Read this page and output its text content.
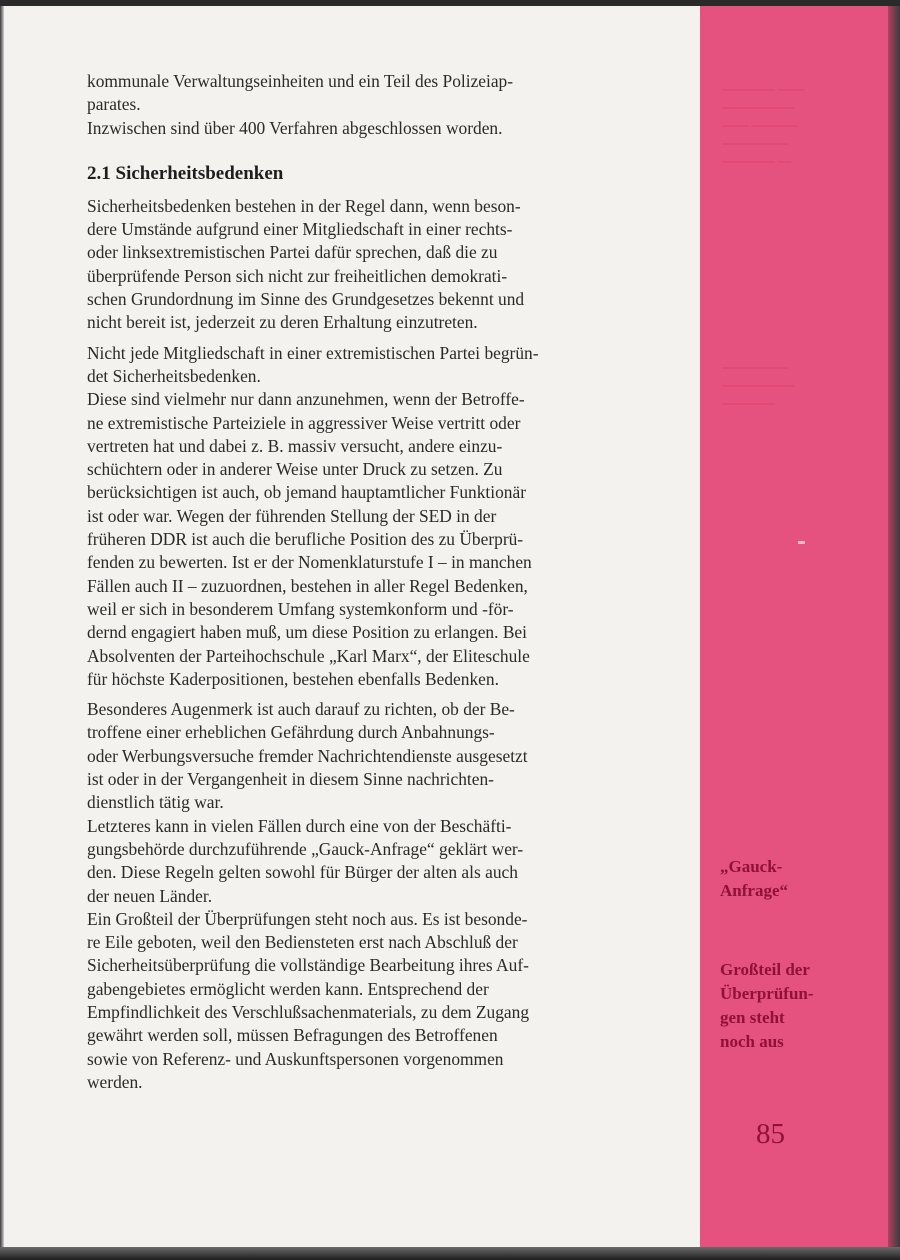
━━━━━━━━ ━━━━
━━━━━━━━━━━
━━━━ ━━━━━━━
━━━━━━━━━━
━━━━━━━━ ━━
━━━━━━━━━━
━━━━━━━━━━━
━━━━━━━━

kommunale Verwaltungseinheiten und ein Teil des Polizeiap-
parates.

Inzwischen sind über 400 Verfahren abgeschlossen worden.

2.1 Sicherheitsbedenken

Sicherheitsbedenken bestehen in der Regel dann, wenn beson-
dere Umstände aufgrund einer Mitgliedschaft in einer rechts-
oder linksextremistischen Partei dafür sprechen, daß die zu
überprüfende Person sich nicht zur freiheitlichen demokrati-
schen Grundordnung im Sinne des Grundgesetzes bekennt und
nicht bereit ist, jederzeit zu deren Erhaltung einzutreten.

Nicht jede Mitgliedschaft in einer extremistischen Partei begrün-
det Sicherheitsbedenken.

Diese sind vielmehr nur dann anzunehmen, wenn der Betroffe-
ne extremistische Parteiziele in aggressiver Weise vertritt oder
vertreten hat und dabei z. B. massiv versucht, andere einzu-
schüchtern oder in anderer Weise unter Druck zu setzen. Zu
berücksichtigen ist auch, ob jemand hauptamtlicher Funktionär
ist oder war. Wegen der führenden Stellung der SED in der
früheren DDR ist auch die berufliche Position des zu Überprü-
fenden zu bewerten. Ist er der Nomenklaturstufe I – in manchen
Fällen auch II – zuzuordnen, bestehen in aller Regel Bedenken,
weil er sich in besonderem Umfang systemkonform und -för-
dernd engagiert haben muß, um diese Position zu erlangen. Bei
Absolventen der Parteihochschule „Karl Marx“, der Eliteschule
für höchste Kaderpositionen, bestehen ebenfalls Bedenken.

Besonderes Augenmerk ist auch darauf zu richten, ob der Be-
troffene einer erheblichen Gefährdung durch Anbahnungs-
oder Werbungsversuche fremder Nachrichtendienste ausgesetzt
ist oder in der Vergangenheit in diesem Sinne nachrichten-
dienstlich tätig war.

Letzteres kann in vielen Fällen durch eine von der Beschäfti-
gungsbehörde durchzuführende „Gauck-Anfrage“ geklärt wer-
den. Diese Regeln gelten sowohl für Bürger der alten als auch
der neuen Länder.

Ein Großteil der Überprüfungen steht noch aus. Es ist besonde-
re Eile geboten, weil den Bediensteten erst nach Abschluß der
Sicherheitsüberprüfung die vollständige Bearbeitung ihres Auf-
gabengebietes ermöglicht werden kann. Entsprechend der
Empfindlichkeit des Verschlußsachenmaterials, zu dem Zugang
gewährt werden soll, müssen Befragungen des Betroffenen
sowie von Referenz- und Auskunftspersonen vorgenommen
werden.

„Gauck-
Anfrage“
Großteil der
Überprüfun-
gen steht
noch aus
85
